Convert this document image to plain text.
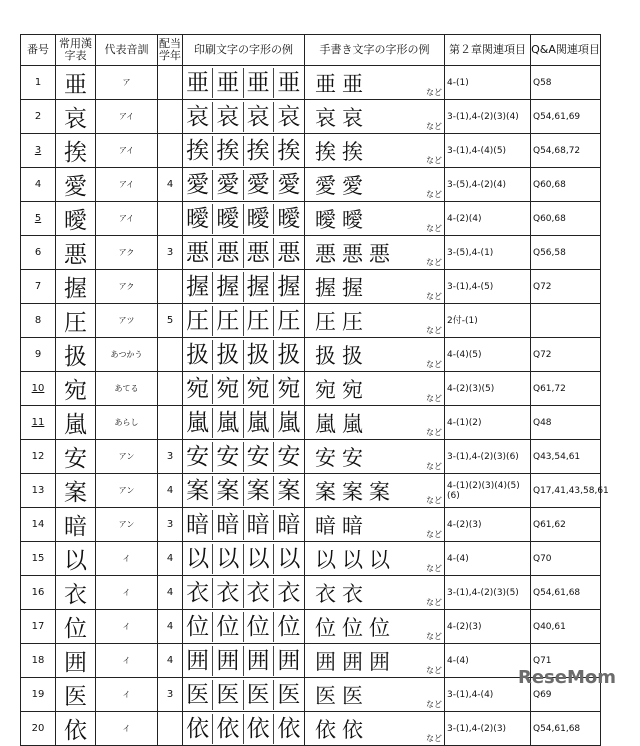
番号	常用漢字表	代表音訓	配当学年	印刷文字の字形の例	手書き文字の字形の例	第２章関連項目	Q&A関連項目
1	亜	ア		亜 亜 亜 亜	亜亜 など	4-(1)	Q58
2	哀	アイ		哀 哀 哀 哀	哀哀 など	3-(1),4-(2)(3)(4)	Q54,61,69
3	挨	アイ		挨 挨 挨 挨	挨挨 など	3-(1),4-(4)(5)	Q54,68,72
4	愛	アイ	4	愛 愛 愛 愛	愛愛 など	3-(5),4-(2)(4)	Q60,68
5	曖	アイ		曖 曖 曖 曖	曖曖 など	4-(2)(4)	Q60,68
6	悪	アク	3	悪 悪 悪 悪	悪悪悪 など	3-(5),4-(1)	Q56,58
7	握	アク		握 握 握 握	握握 など	3-(1),4-(5)	Q72
8	圧	アツ	5	圧 圧 圧 圧	圧圧 など	2付-(1)	
9	扱	あつかう		扱 扱 扱 扱	扱扱 など	4-(4)(5)	Q72
10	宛	あてる		宛 宛 宛 宛	宛宛 など	4-(2)(3)(5)	Q61,72
11	嵐	あらし		嵐 嵐 嵐 嵐	嵐嵐 など	4-(1)(2)	Q48
12	安	アン	3	安 安 安 安	安安 など	3-(1),4-(2)(3)(6)	Q43,54,61
13	案	アン	4	案 案 案 案	案案案 など	4-(1)(2)(3)(4)(5)(6)	Q17,41,43,58,61
14	暗	アン	3	暗 暗 暗 暗	暗暗 など	4-(2)(3)	Q61,62
15	以	イ	4	以 以 以 以	以以以 など	4-(4)	Q70
16	衣	イ	4	衣 衣 衣 衣	衣衣 など	3-(1),4-(2)(3)(5)	Q54,61,68
17	位	イ	4	位 位 位 位	位位位 など	4-(2)(3)	Q40,61
18	囲	イ	4	囲 囲 囲 囲	囲囲囲 など	4-(4)	Q71
19	医	イ	3	医 医 医 医	医医 など	3-(1),4-(4)	Q69
20	依	イ		依 依 依 依	依依 など	3-(1),4-(2)(3)	Q54,61,68
ReseMom
